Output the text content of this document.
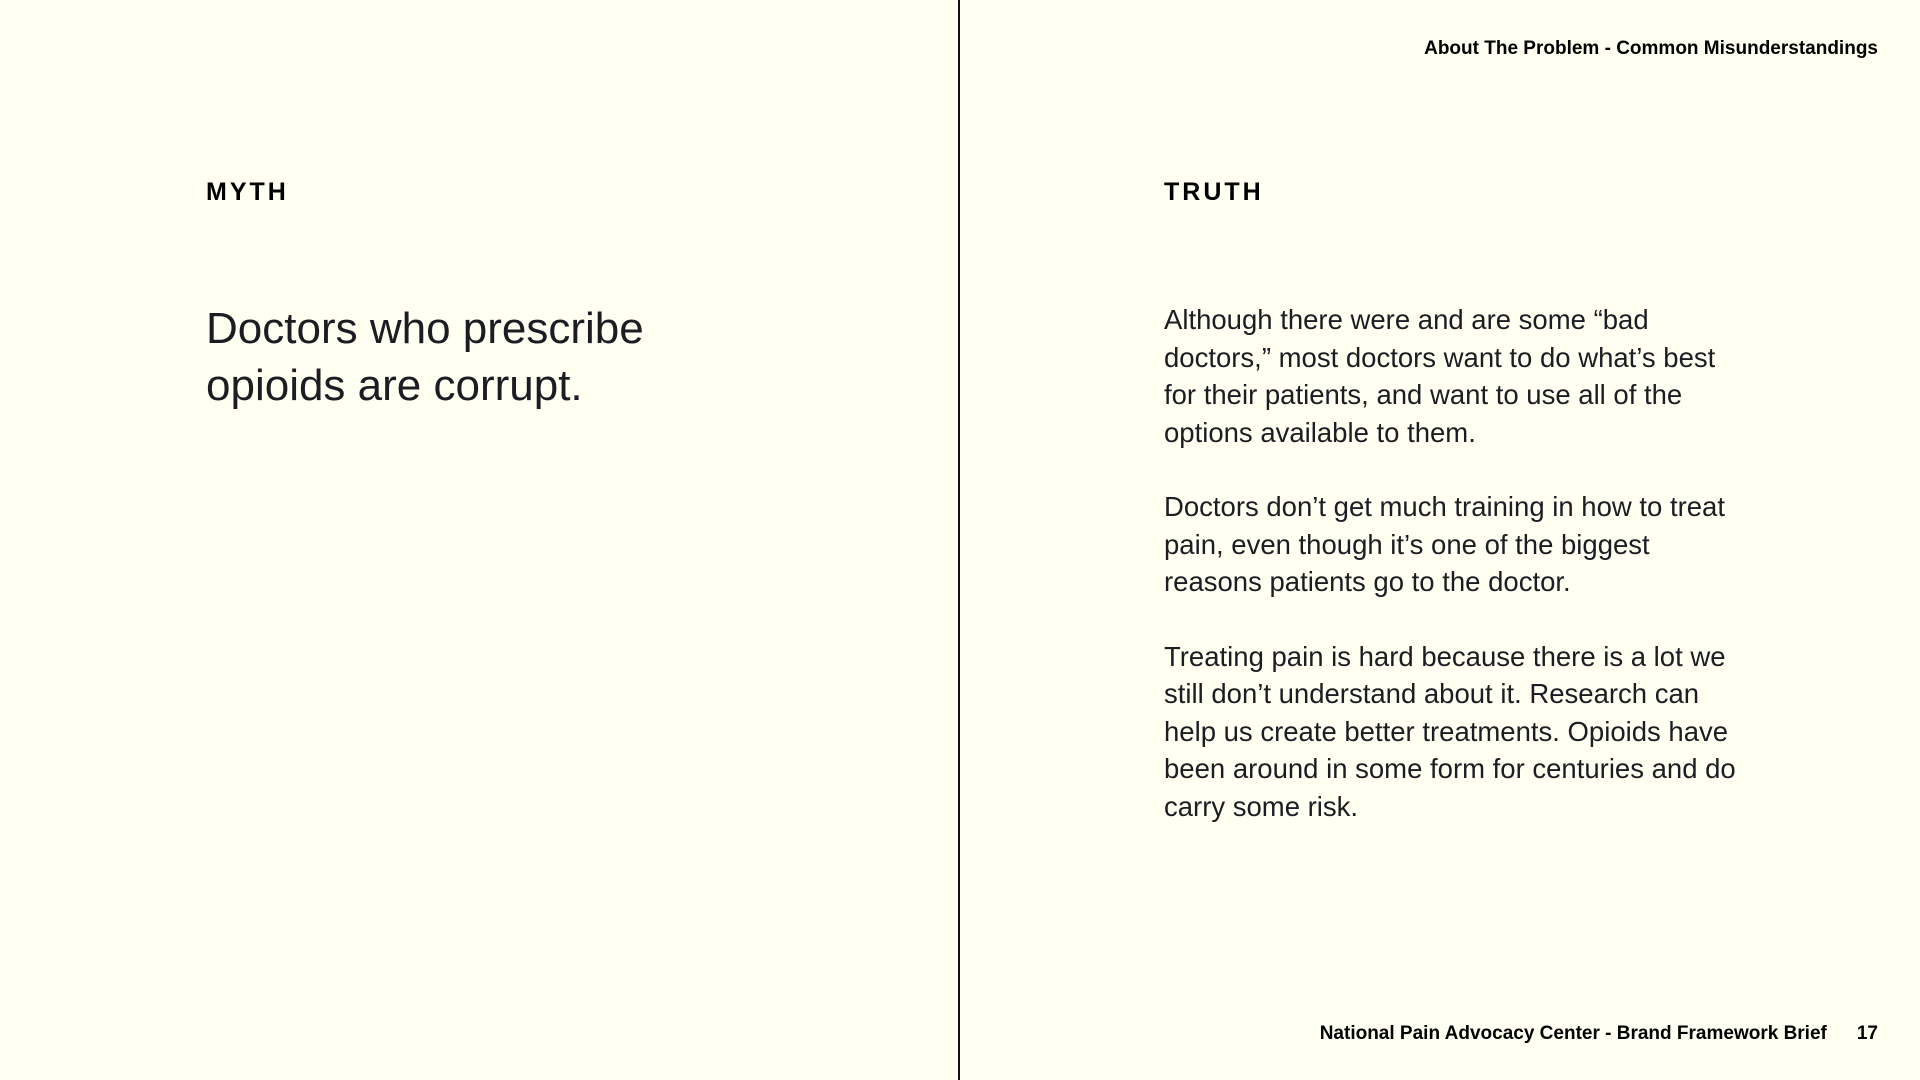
About The Problem - Common Misunderstandings
MYTH
Doctors who prescribe opioids are corrupt.
TRUTH

Although there were and are some “bad doctors,” most doctors want to do what’s best for their patients, and want to use all of the options available to them.

Doctors don’t get much training in how to treat pain, even though it’s one of the biggest reasons patients go to the doctor.

Treating pain is hard because there is a lot we still don’t understand about it. Research can help us create better treatments. Opioids have been around in some form for centuries and do carry some risk.

National Pain Advocacy Center - Brand Framework Brief 17
